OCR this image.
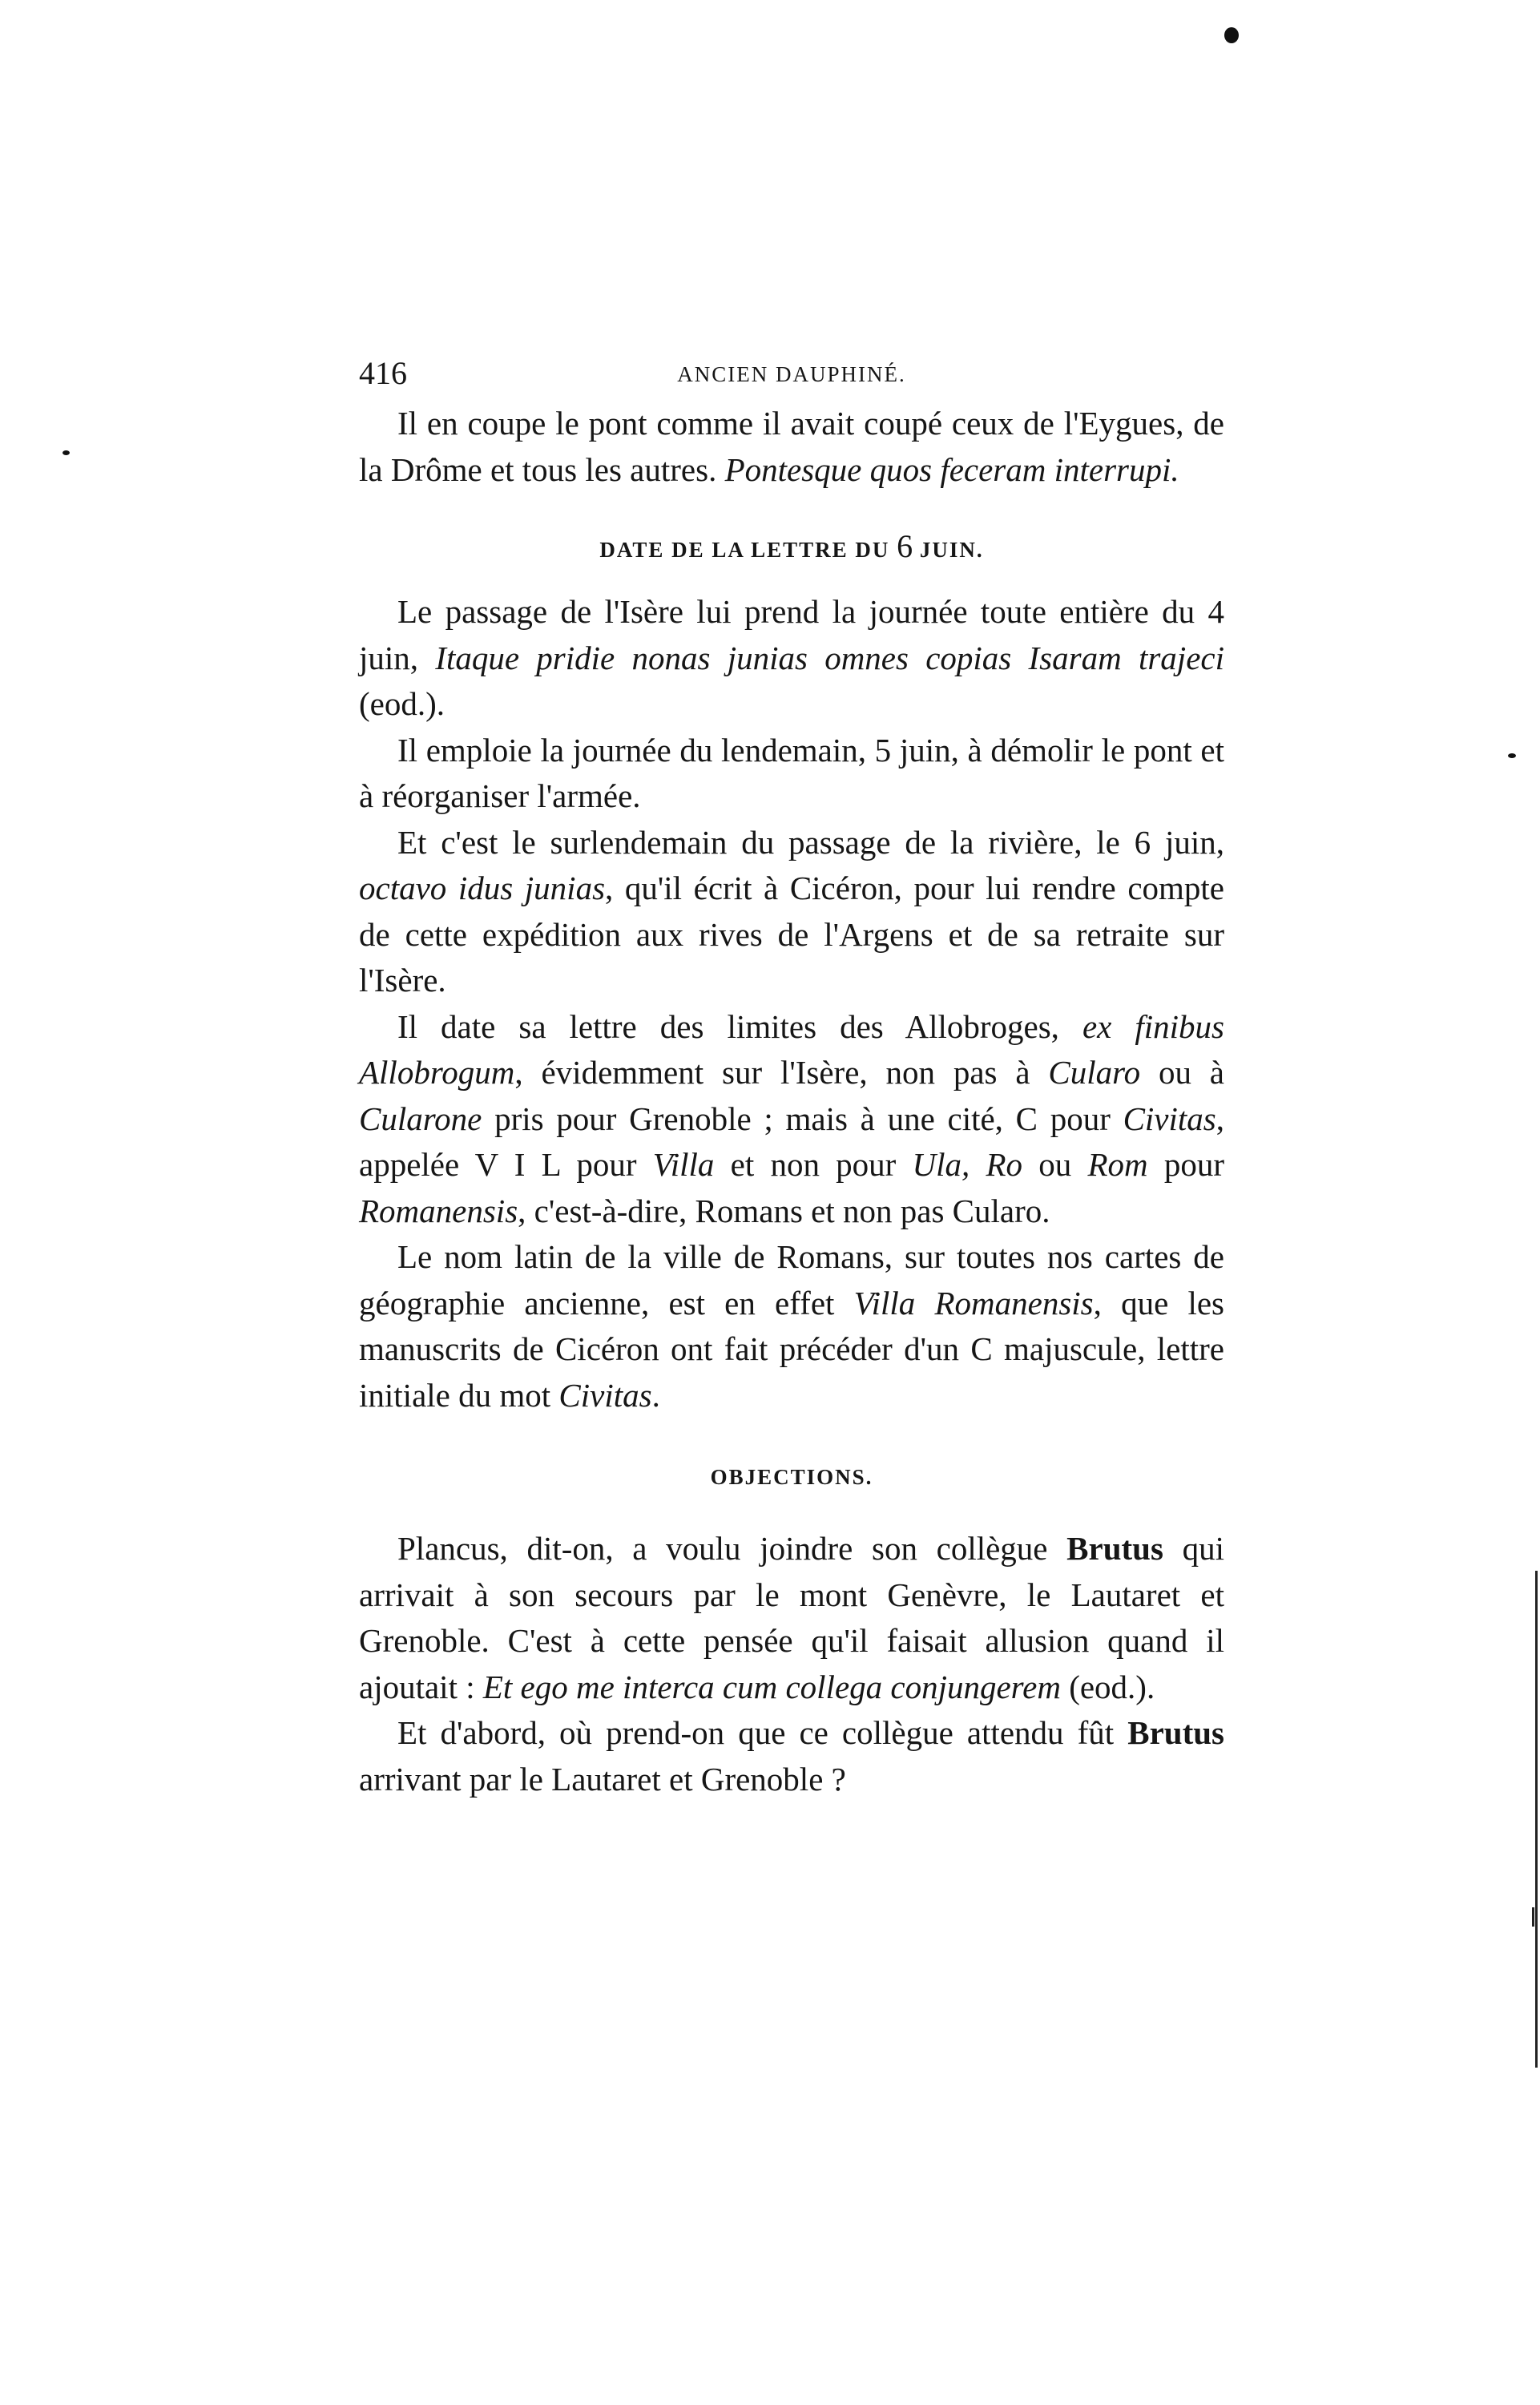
416	ANCIEN DAUPHINÉ.

Il en coupe le pont comme il avait coupé ceux de l'Eygues, de la Drôme et tous les autres. Pontesque quos feceram interrupi.

DATE DE LA LETTRE DU 6 JUIN.

Le passage de l'Isère lui prend la journée toute entière du 4 juin, Itaque pridie nonas junias omnes copias Isaram trajeci (eod.).

Il emploie la journée du lendemain, 5 juin, à démolir le pont et à réorganiser l'armée.

Et c'est le surlendemain du passage de la rivière, le 6 juin, octavo idus junias, qu'il écrit à Cicéron, pour lui rendre compte de cette expédition aux rives de l'Argens et de sa retraite sur l'Isère.

Il date sa lettre des limites des Allobroges, ex finibus Allobrogum, évidemment sur l'Isère, non pas à Cularo ou à Cularone pris pour Grenoble ; mais à une cité, C pour Civitas, appelée V I L pour Villa et non pour Ula, Ro ou Rom pour Romanensis, c'est-à-dire, Romans et non pas Cularo.

Le nom latin de la ville de Romans, sur toutes nos cartes de géographie ancienne, est en effet Villa Romanensis, que les manuscrits de Cicéron ont fait précéder d'un C majuscule, lettre initiale du mot Civitas.

OBJECTIONS.

Plancus, dit-on, a voulu joindre son collègue Brutus qui arrivait à son secours par le mont Genèvre, le Lautaret et Grenoble. C'est à cette pensée qu'il faisait allusion quand il ajoutait : Et ego me interca cum collega conjungerem (eod.).

Et d'abord, où prend-on que ce collègue attendu fût Brutus arrivant par le Lautaret et Grenoble ?
